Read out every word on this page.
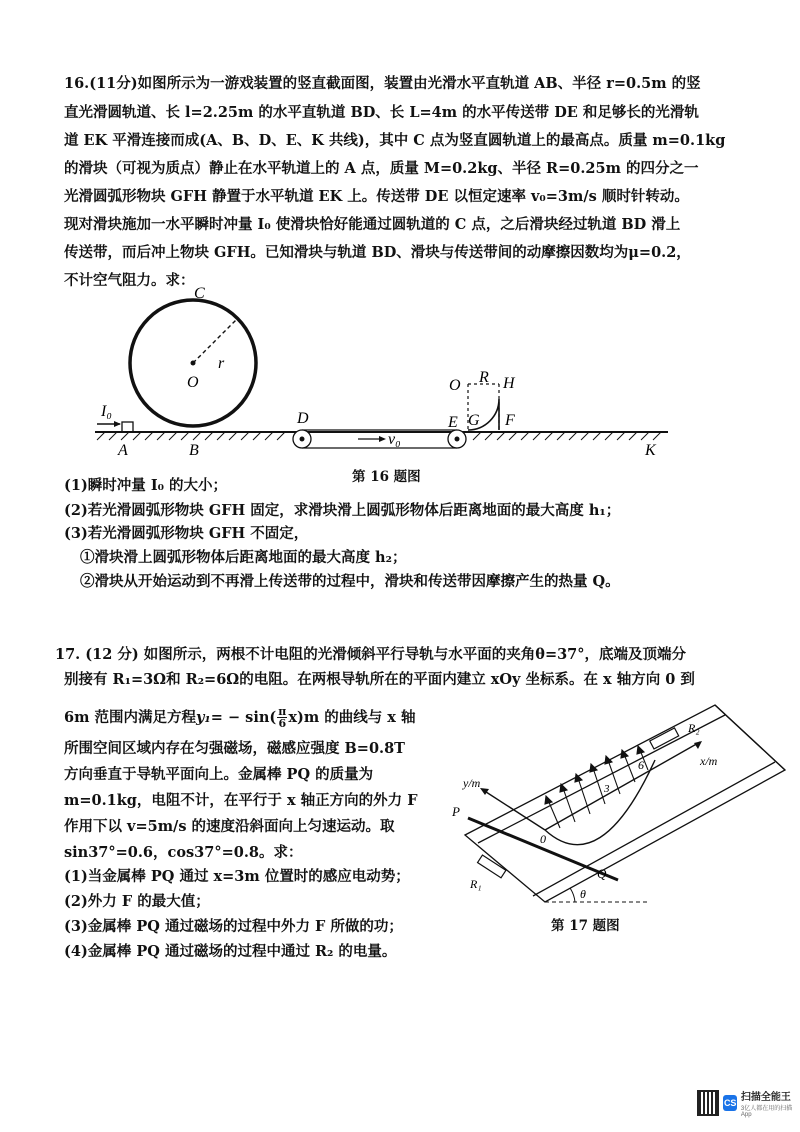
16.(11分)如图所示为一游戏装置的竖直截面图，装置由光滑水平直轨道 AB、半径 r=0.5m 的竖
直光滑圆轨道、长 l=2.25m 的水平直轨道 BD、长 L=4m 的水平传送带 DE 和足够长的光滑轨
道 EK 平滑连接而成(A、B、D、E、K 共线)，其中 C 点为竖直圆轨道上的最高点。质量 m=0.1kg
的滑块（可视为质点）静止在水平轨道上的 A 点，质量 M=0.2kg、半径 R=0.25m 的四分之一
光滑圆弧形物块 GFH 静置于水平轨道 EK 上。传送带 DE 以恒定速率 v₀=3m/s 顺时针转动。
现对滑块施加一水平瞬时冲量 I₀ 使滑块恰好能通过圆轨道的 C 点，之后滑块经过轨道 BD 滑上
传送带，而后冲上物块 GFH。已知滑块与轨道 BD、滑块与传送带间的动摩擦因数均为μ=0.2，
不计空气阻力。求：
C
O
r
I₀
A	B
v₀
D	E
O R H
G F
K
第 16 题图
(1)瞬时冲量 I₀ 的大小；
(2)若光滑圆弧形物块 GFH 固定，求滑块滑上圆弧形物体后距离地面的最大高度 h₁；
(3)若光滑圆弧形物块 GFH 不固定，
①滑块滑上圆弧形物体后距离地面的最大高度 h₂；
②滑块从开始运动到不再滑上传送带的过程中，滑块和传送带因摩擦产生的热量 Q。
17. (12 分) 如图所示，两根不计电阻的光滑倾斜平行导轨与水平面的夹角θ=37°，底端及顶端分
别接有 R₁=3Ω和 R₂=6Ω的电阻。在两根导轨所在的平面内建立 xOy 坐标系。在 x 轴方向 0 到
6m 范围内满足方程 y₁ = − $\sin( \frac{\pi}{6} x)m$ 的曲线与 x 轴
所围空间区域内存在匀强磁场，磁感应强度 B=0.8T
方向垂直于导轨平面向上。金属棒 PQ 的质量为
m=0.1kg，电阻不计，在平行于 x 轴正方向的外力 F
作用下以 v=5m/s 的速度沿斜面向上匀速运动。取
sin37°=0.6，cos37°=0.8。求：
(1)当金属棒 PQ 通过 x=3m 位置时的感应电动势；
(2)外力 F 的最大值；
(3)金属棒 PQ 通过磁场的过程中外力 F 所做的功；
(4)金属棒 PQ 通过磁场的过程中通过 R₂ 的电量。
R₂
R₁
x/m
y/m
6
3
P
0
Q
θ
第 17 题图
CS 扫描全能王
3亿人都在用的扫描App
